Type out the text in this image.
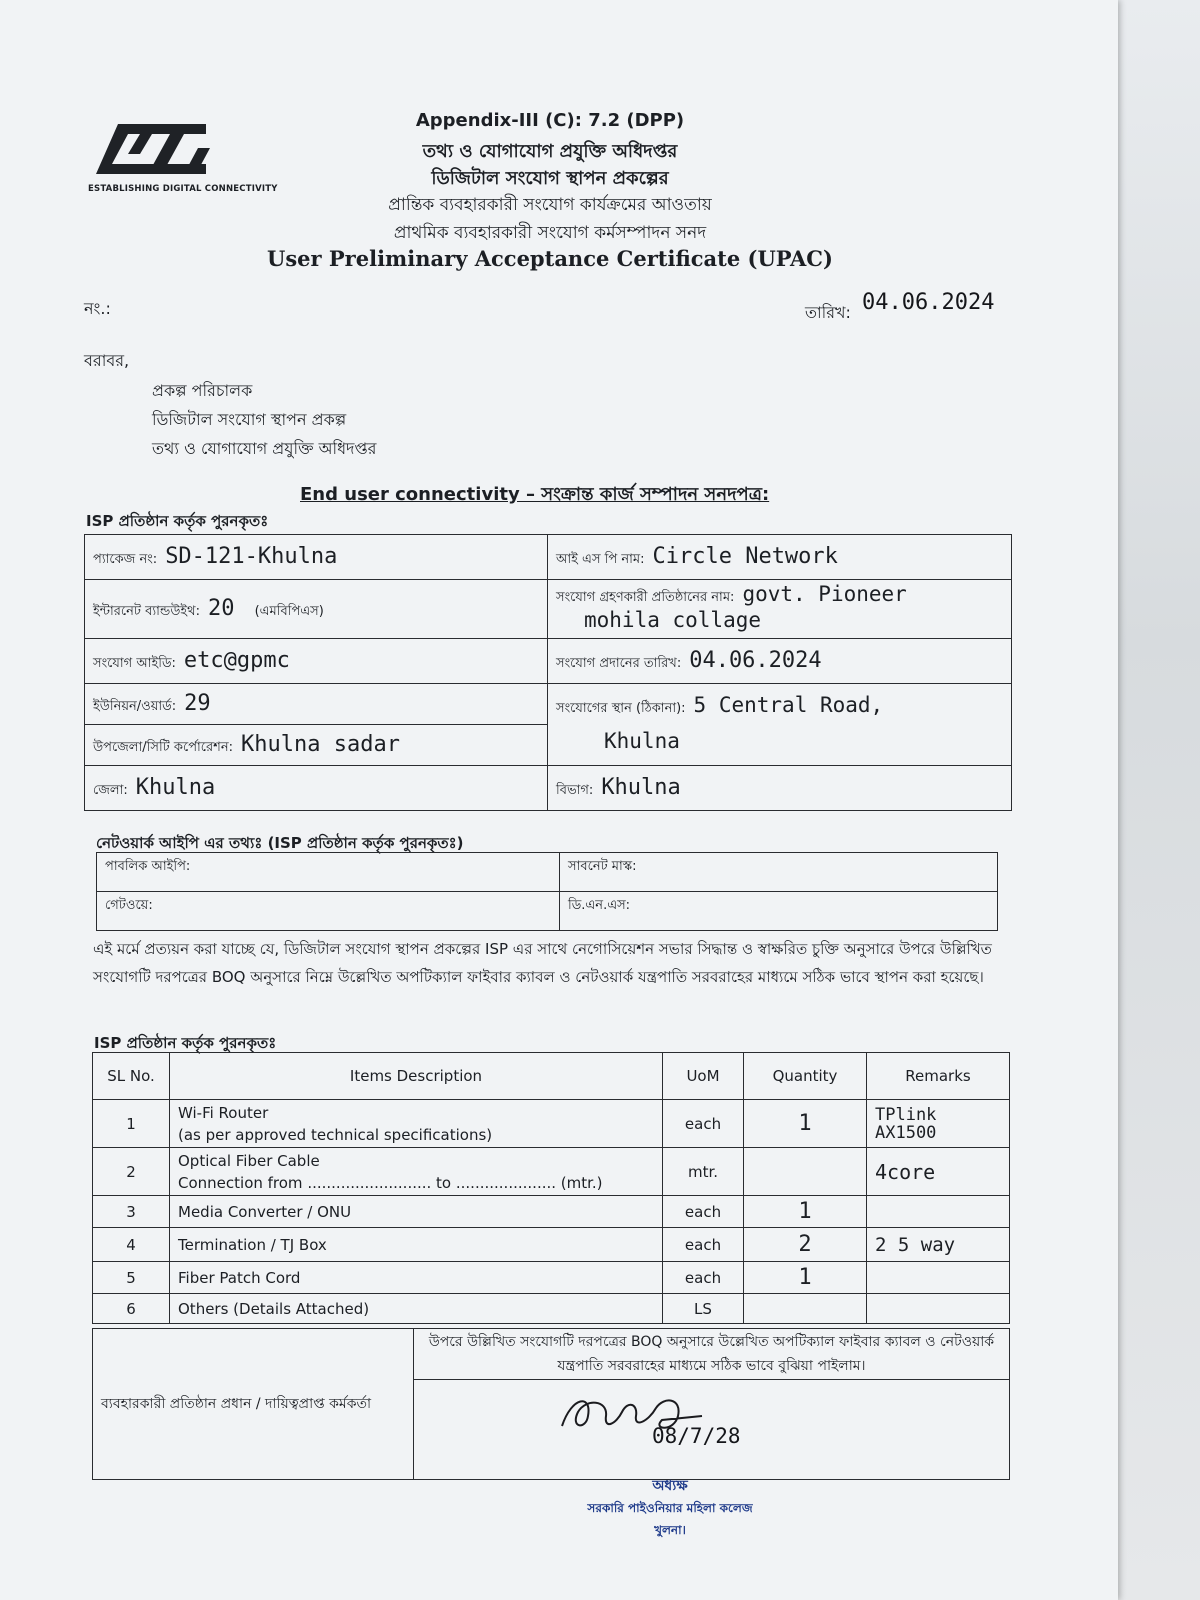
ESTABLISHING DIGITAL CONNECTIVITY
Appendix-III (C): 7.2 (DPP)
তথ্য ও যোগাযোগ প্রযুক্তি অধিদপ্তর
ডিজিটাল সংযোগ স্থাপন প্রকল্পের
প্রান্তিক ব্যবহারকারী সংযোগ কার্যক্রমের আওতায়
প্রাথমিক ব্যবহারকারী সংযোগ কর্মসম্পাদন সনদ
User Preliminary Acceptance Certificate (UPAC)
নং.:	তারিখ: 04.06.2024
বরাবর,
প্রকল্প পরিচালক
ডিজিটাল সংযোগ স্থাপন প্রকল্প
তথ্য ও যোগাযোগ প্রযুক্তি অধিদপ্তর
End user connectivity – সংক্রান্ত কার্জ সম্পাদন সনদপত্র:
ISP প্রতিষ্ঠান কর্তৃক পুরনকৃতঃ
প্যাকেজ নং: SD-121-Khulna	আই এস পি নাম: Circle Network
ইন্টারনেট ব্যান্ডউইথ: 20 (এমবিপিএস)	সংযোগ গ্রহণকারী প্রতিষ্ঠানের নাম: govt. Pioneer
mohila collage
সংযোগ আইডি: etc@gpmc	সংযোগ প্রদানের তারিখ: 04.06.2024
ইউনিয়ন/ওয়ার্ড: 29	সংযোগের স্থান (ঠিকানা): 5 Central Road,
Khulna
উপজেলা/সিটি কর্পোরেশন: Khulna sadar	
জেলা: Khulna	বিভাগ: Khulna
নেটওয়ার্ক আইপি এর তথ্যঃ (ISP প্রতিষ্ঠান কর্তৃক পুরনকৃতঃ)
পাবলিক আইপি:	সাবনেট মাস্ক:
গেটওয়ে:	ডি.এন.এস:
এই মর্মে প্রত্যয়ন করা যাচ্ছে যে, ডিজিটাল সংযোগ স্থাপন প্রকল্পের ISP এর সাথে নেগোসিয়েশন সভার সিদ্ধান্ত ও স্বাক্ষরিত চুক্তি অনুসারে উপরে উল্লিখিত সংযোগটি দরপত্রের BOQ অনুসারে নিম্নে উল্লেখিত অপটিক্যাল ফাইবার ক্যাবল ও নেটওয়ার্ক যন্ত্রপাতি সরবরাহের মাধ্যমে সঠিক ভাবে স্থাপন করা হয়েছে।
ISP প্রতিষ্ঠান কর্তৃক পুরনকৃতঃ
SL No.	Items Description	UoM	Quantity	Remarks
1	Wi-Fi Router
(as per approved technical specifications)	each	1	TPlink AX1500
2	Optical Fiber Cable
Connection from .......................... to ..................... (mtr.)	mtr.		4core
3	Media Converter / ONU	each	1	
4	Termination / TJ Box	each	2	2 5 way
5	Fiber Patch Cord	each	1	
6	Others (Details Attached)	LS		
ব্যবহারকারী প্রতিষ্ঠান প্রধান / দায়িত্বপ্রাপ্ত কর্মকর্তা	উপরে উল্লিখিত সংযোগটি দরপত্রের BOQ অনুসারে উল্লেখিত অপটিক্যাল ফাইবার ক্যাবল ও নেটওয়ার্ক যন্ত্রপাতি সরবরাহের মাধ্যমে সঠিক ভাবে বুঝিয়া পাইলাম।

08/7/28
অধ্যক্ষ
সরকারি পাইওনিয়ার মহিলা কলেজ
খুলনা।
